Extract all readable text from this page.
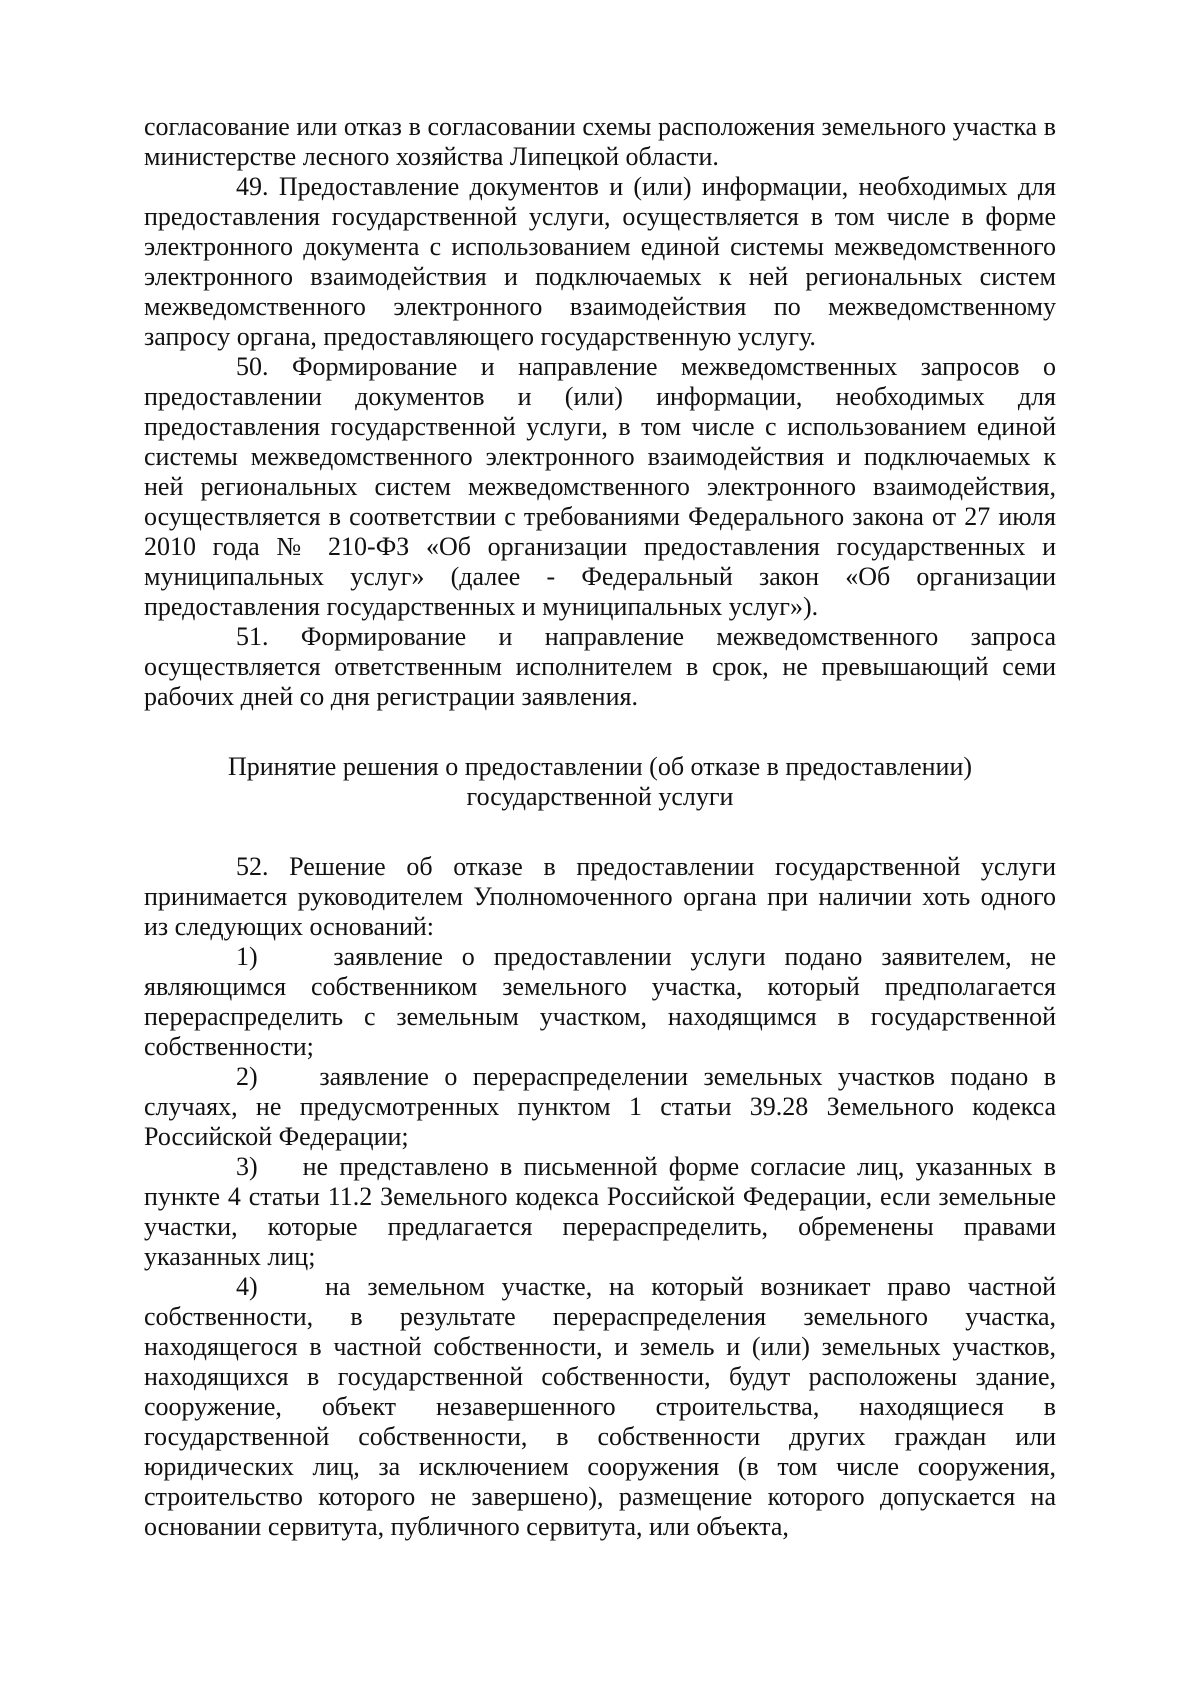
согласование или отказ в согласовании схемы расположения земельного участка в министерстве лесного хозяйства Липецкой области.

49. Предоставление документов и (или) информации, необходимых для предоставления государственной услуги, осуществляется в том числе в форме электронного документа с использованием единой системы межведомственного электронного взаимодействия и подключаемых к ней региональных систем межведомственного электронного взаимодействия по межведомственному запросу органа, предоставляющего государственную услугу.

50. Формирование и направление межведомственных запросов о предоставлении документов и (или) информации, необходимых для предоставления государственной услуги, в том числе с использованием единой системы межведомственного электронного взаимодействия и подключаемых к ней региональных систем межведомственного электронного взаимодействия, осуществляется в соответствии с требованиями Федерального закона от 27 июля 2010 года № 210-ФЗ «Об организации предоставления государственных и муниципальных услуг» (далее - Федеральный закон «Об организации предоставления государственных и муниципальных услуг»).

51. Формирование и направление межведомственного запроса осуществляется ответственным исполнителем в срок, не превышающий семи рабочих дней со дня регистрации заявления.

Принятие решения о предоставлении (об отказе в предоставлении)
государственной услуги

52. Решение об отказе в предоставлении государственной услуги принимается руководителем Уполномоченного органа при наличии хоть одного из следующих оснований:

1)	заявление о предоставлении услуги подано заявителем, не являющимся собственником земельного участка, который предполагается перераспределить с земельным участком, находящимся в государственной собственности;

2) заявление о перераспределении земельных участков подано в случаях, не предусмотренных пунктом 1 статьи 39.28 Земельного кодекса Российской Федерации;

3) не представлено в письменной форме согласие лиц, указанных в пункте 4 статьи 11.2 Земельного кодекса Российской Федерации, если земельные участки, которые предлагается перераспределить, обременены правами указанных лиц;

4)	на земельном участке, на который возникает право частной собственности, в результате перераспределения земельного участка, находящегося в частной собственности, и земель и (или) земельных участков, находящихся в государственной собственности, будут расположены здание, сооружение, объект незавершенного строительства, находящиеся в государственной собственности, в собственности других граждан или юридических лиц, за исключением сооружения (в том числе сооружения, строительство которого не завершено), размещение которого допускается на основании сервитута, публичного сервитута, или объекта,
